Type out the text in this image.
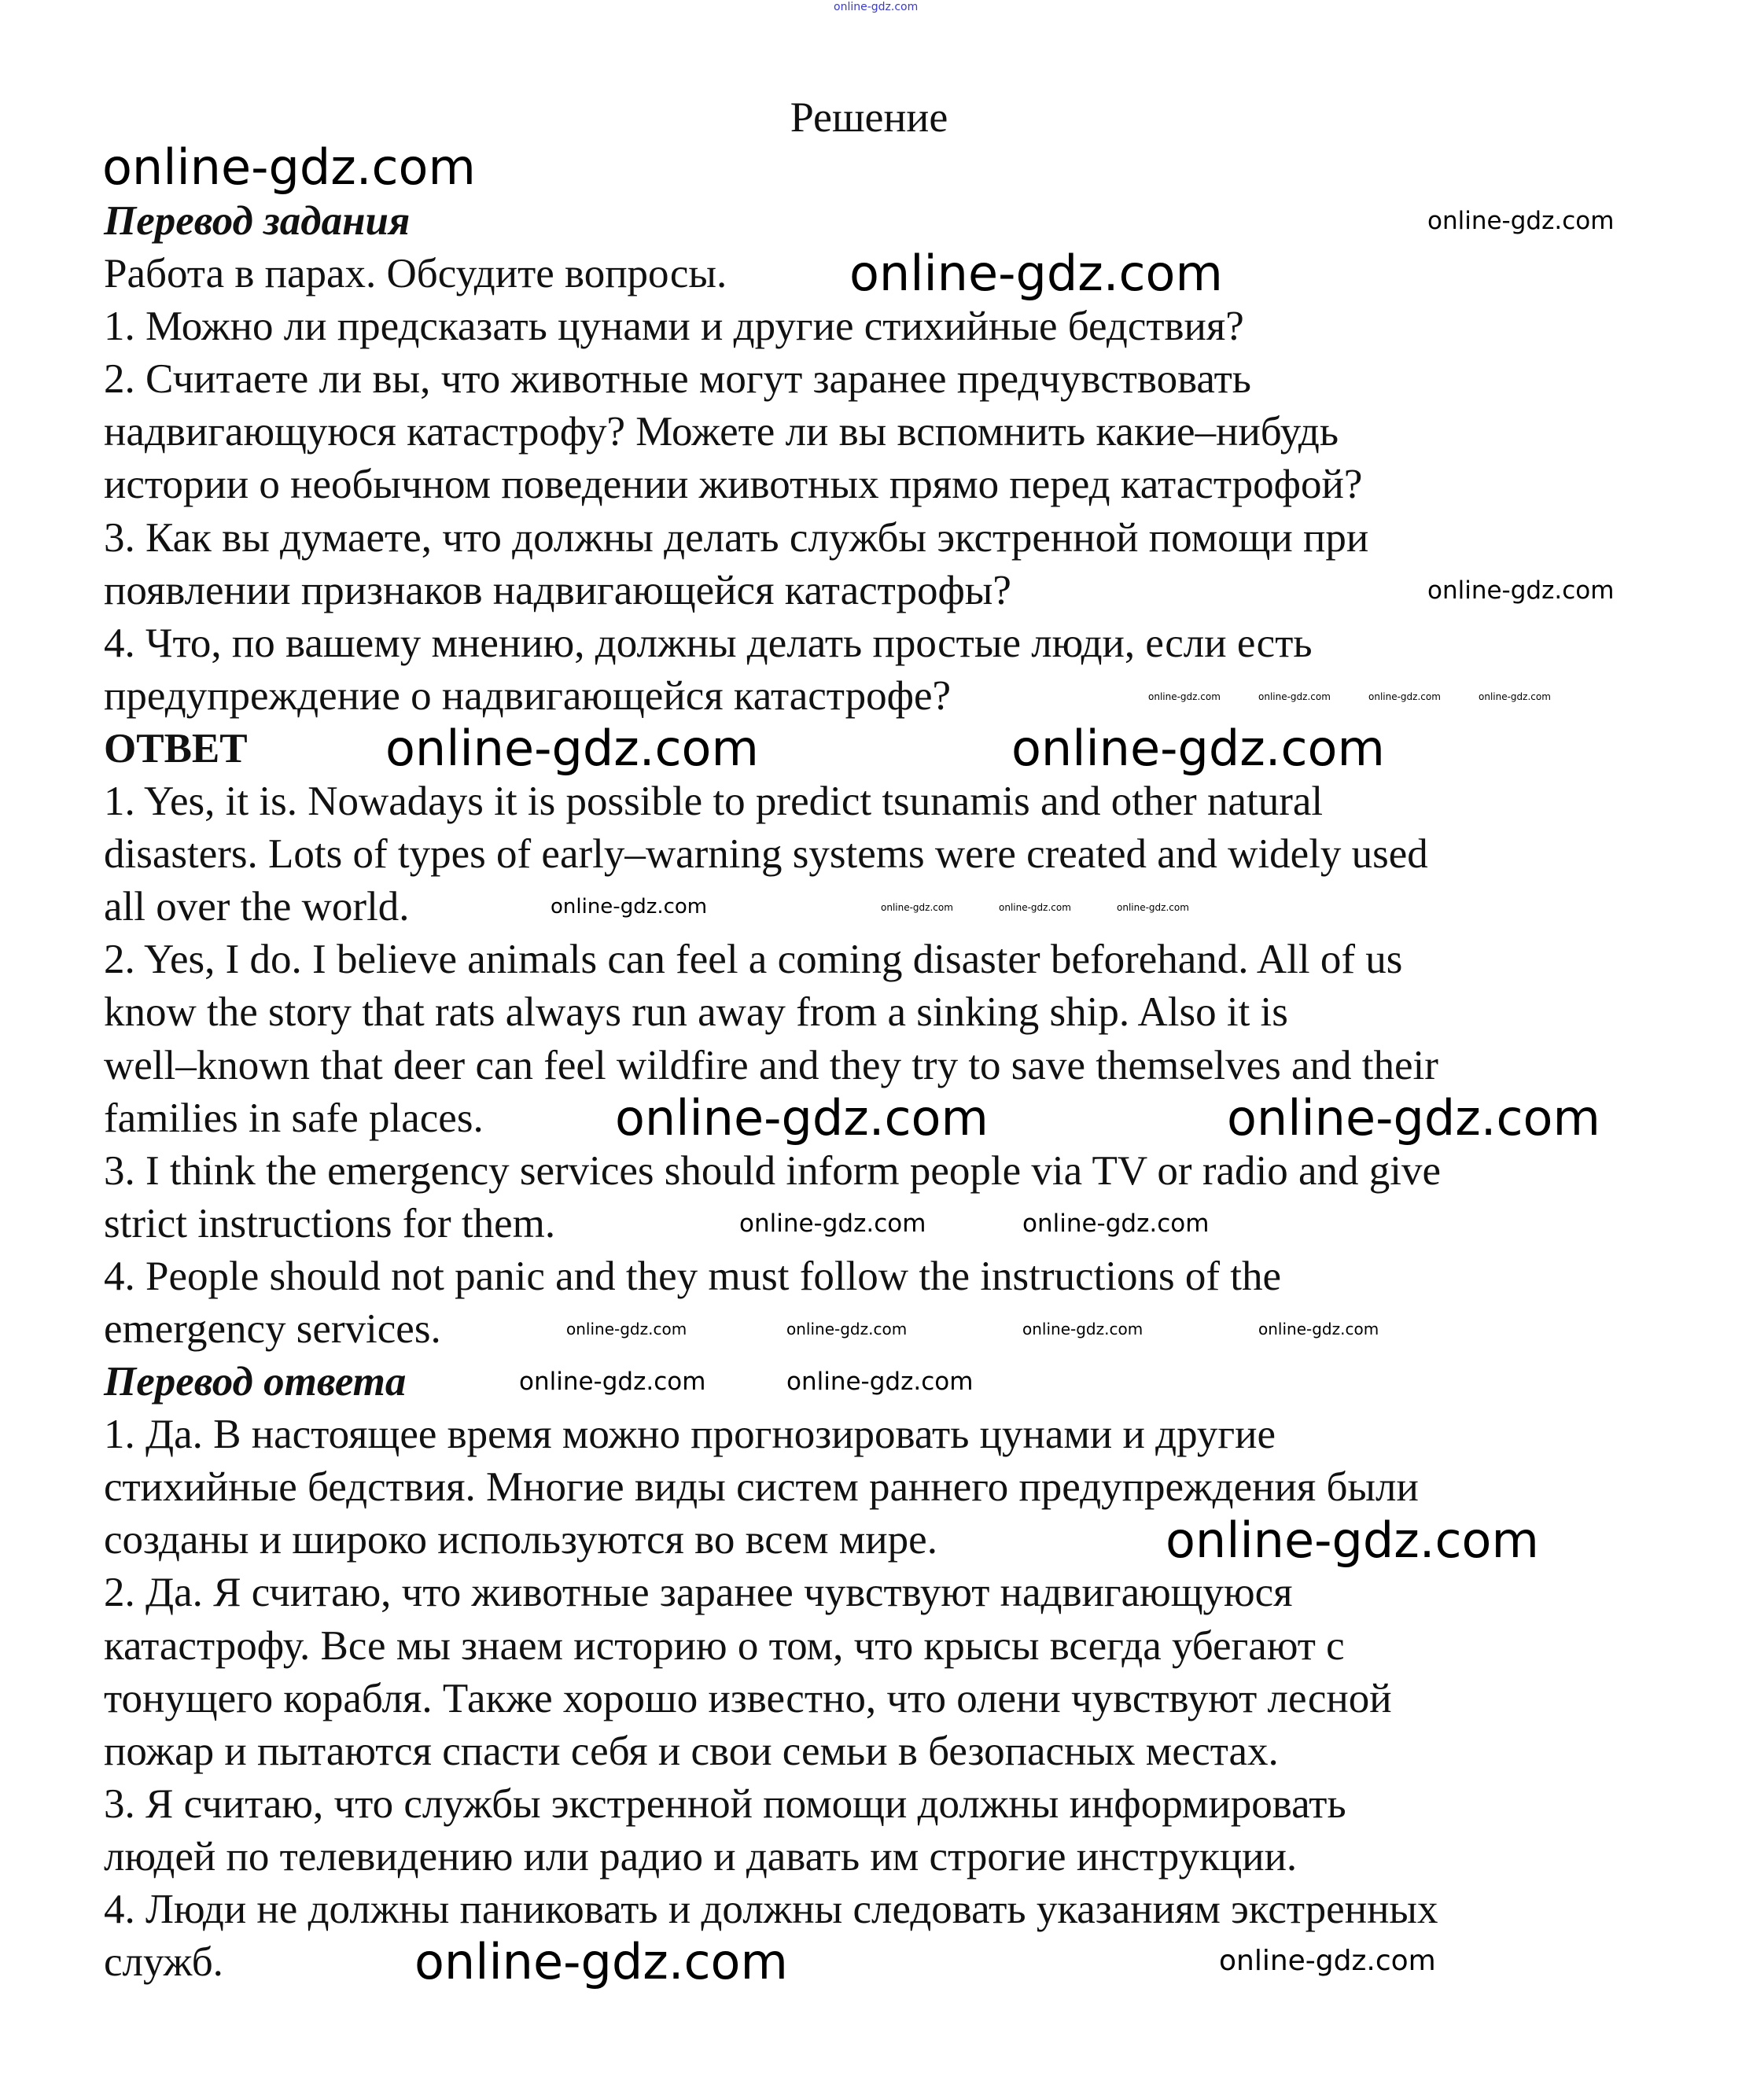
Решение
Перевод задания
Работа в парах. Обсудите вопросы.
1. Можно ли предсказать цунами и другие стихийные бедствия?
2. Считаете ли вы, что животные могут заранее предчувствовать
надвигающуюся катастрофу? Можете ли вы вспомнить какие–нибудь
истории о необычном поведении животных прямо перед катастрофой?
3. Как вы думаете, что должны делать службы экстренной помощи при
появлении признаков надвигающейся катастрофы?
4. Что, по вашему мнению, должны делать простые люди, если есть
предупреждение о надвигающейся катастрофе?
ОТВЕТ
1. Yes, it is. Nowadays it is possible to predict tsunamis and other natural
disasters. Lots of types of early–warning systems were created and widely used
all over the world.
2. Yes, I do. I believe animals can feel a coming disaster beforehand. All of us
know the story that rats always run away from a sinking ship. Also it is
well–known that deer can feel wildfire and they try to save themselves and their
families in safe places.
3. I think the emergency services should inform people via TV or radio and give
strict instructions for them.
4. People should not panic and they must follow the instructions of the
emergency services.
Перевод ответа
1. Да. В настоящее время можно прогнозировать цунами и другие
стихийные бедствия. Многие виды систем раннего предупреждения были
созданы и широко используются во всем мире.
2. Да. Я считаю, что животные заранее чувствуют надвигающуюся
катастрофу. Все мы знаем историю о том, что крысы всегда убегают с
тонущего корабля. Также хорошо известно, что олени чувствуют лесной
пожар и пытаются спасти себя и свои семьи в безопасных местах.
3. Я считаю, что службы экстренной помощи должны информировать
людей по телевидению или радио и давать им строгие инструкции.
4. Люди не должны паниковать и должны следовать указаниям экстренных
служб.
online-gdz.com
online-gdz.com
online-gdz.com
online-gdz.com	online-gdz.com
online-gdz.com	online-gdz.com
online-gdz.com
online-gdz.com
online-gdz.com
online-gdz.com
online-gdz.com	online-gdz.com
online-gdz.com
online-gdz.com	online-gdz.com
online-gdz.com
online-gdz.com	online-gdz.com	online-gdz.com	online-gdz.com
online-gdz.com	online-gdz.com	online-gdz.com	online-gdz.com
online-gdz.com	online-gdz.com	online-gdz.com
